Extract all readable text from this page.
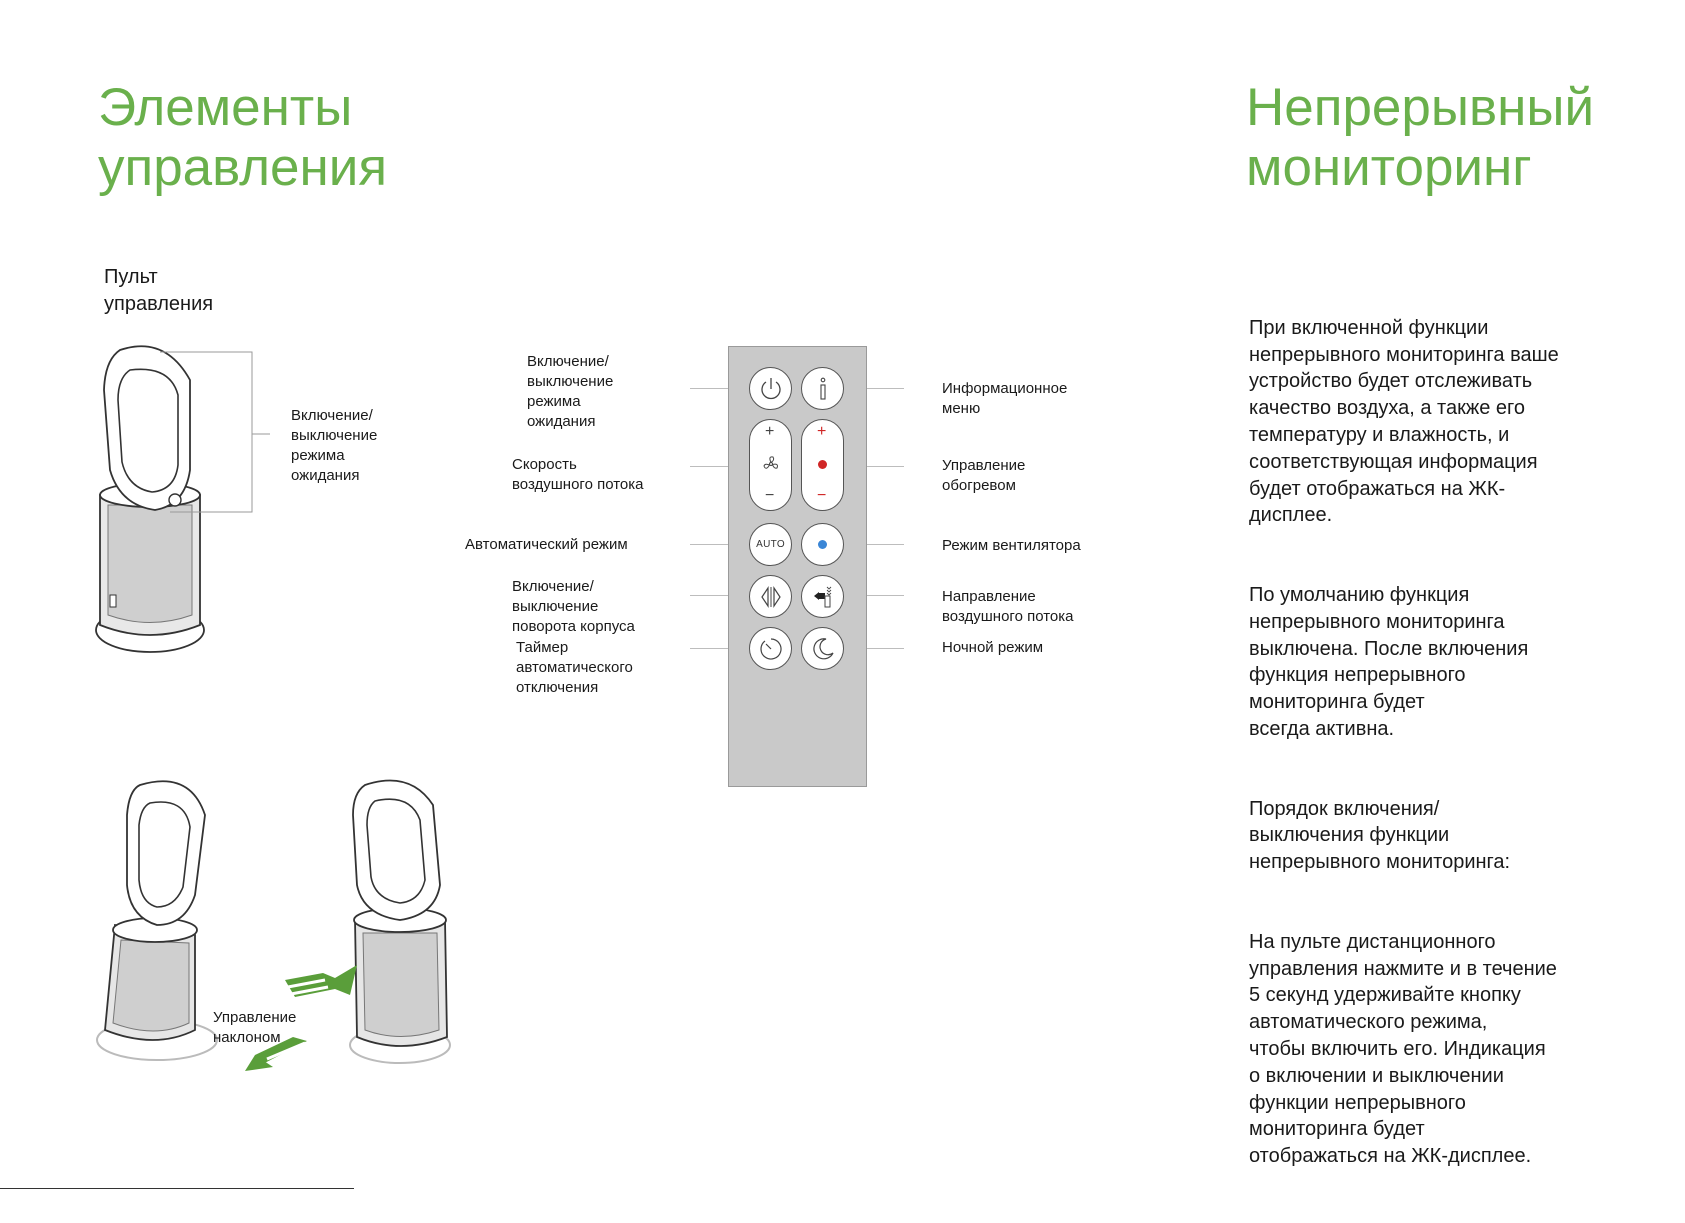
Элементы
управления
Непрерывный
мониторинг
Пульт
управления
Включение/
выключение
режима
ожидания
Включение/
выключение
режима
ожидания
Скорость
воздушного потока
Автоматический режим
Включение/
выключение
поворота корпуса
Таймер
автоматического
отключения
Информационное
меню
Управление
обогревом
Режим вентилятора
Направление
воздушного потока
Ночной режим
+
−
+
−
AUTO
Управление
наклоном

При включенной функции
непрерывного мониторинга ваше
устройство будет отслеживать
качество воздуха, а также его
температуру и влажность, и
соответствующая информация
будет отображаться на ЖК-
дисплее.

По умолчанию функция
непрерывного мониторинга
выключена. После включения
функция непрерывного
мониторинга будет
всегда активна.

Порядок включения/
выключения функции
непрерывного мониторинга:

На пульте дистанционного
управления нажмите и в течение
5 секунд удерживайте кнопку
автоматического режима,
чтобы включить его. Индикация
о включении и выключении
функции непрерывного
мониторинга будет
отображаться на ЖК-дисплее.
